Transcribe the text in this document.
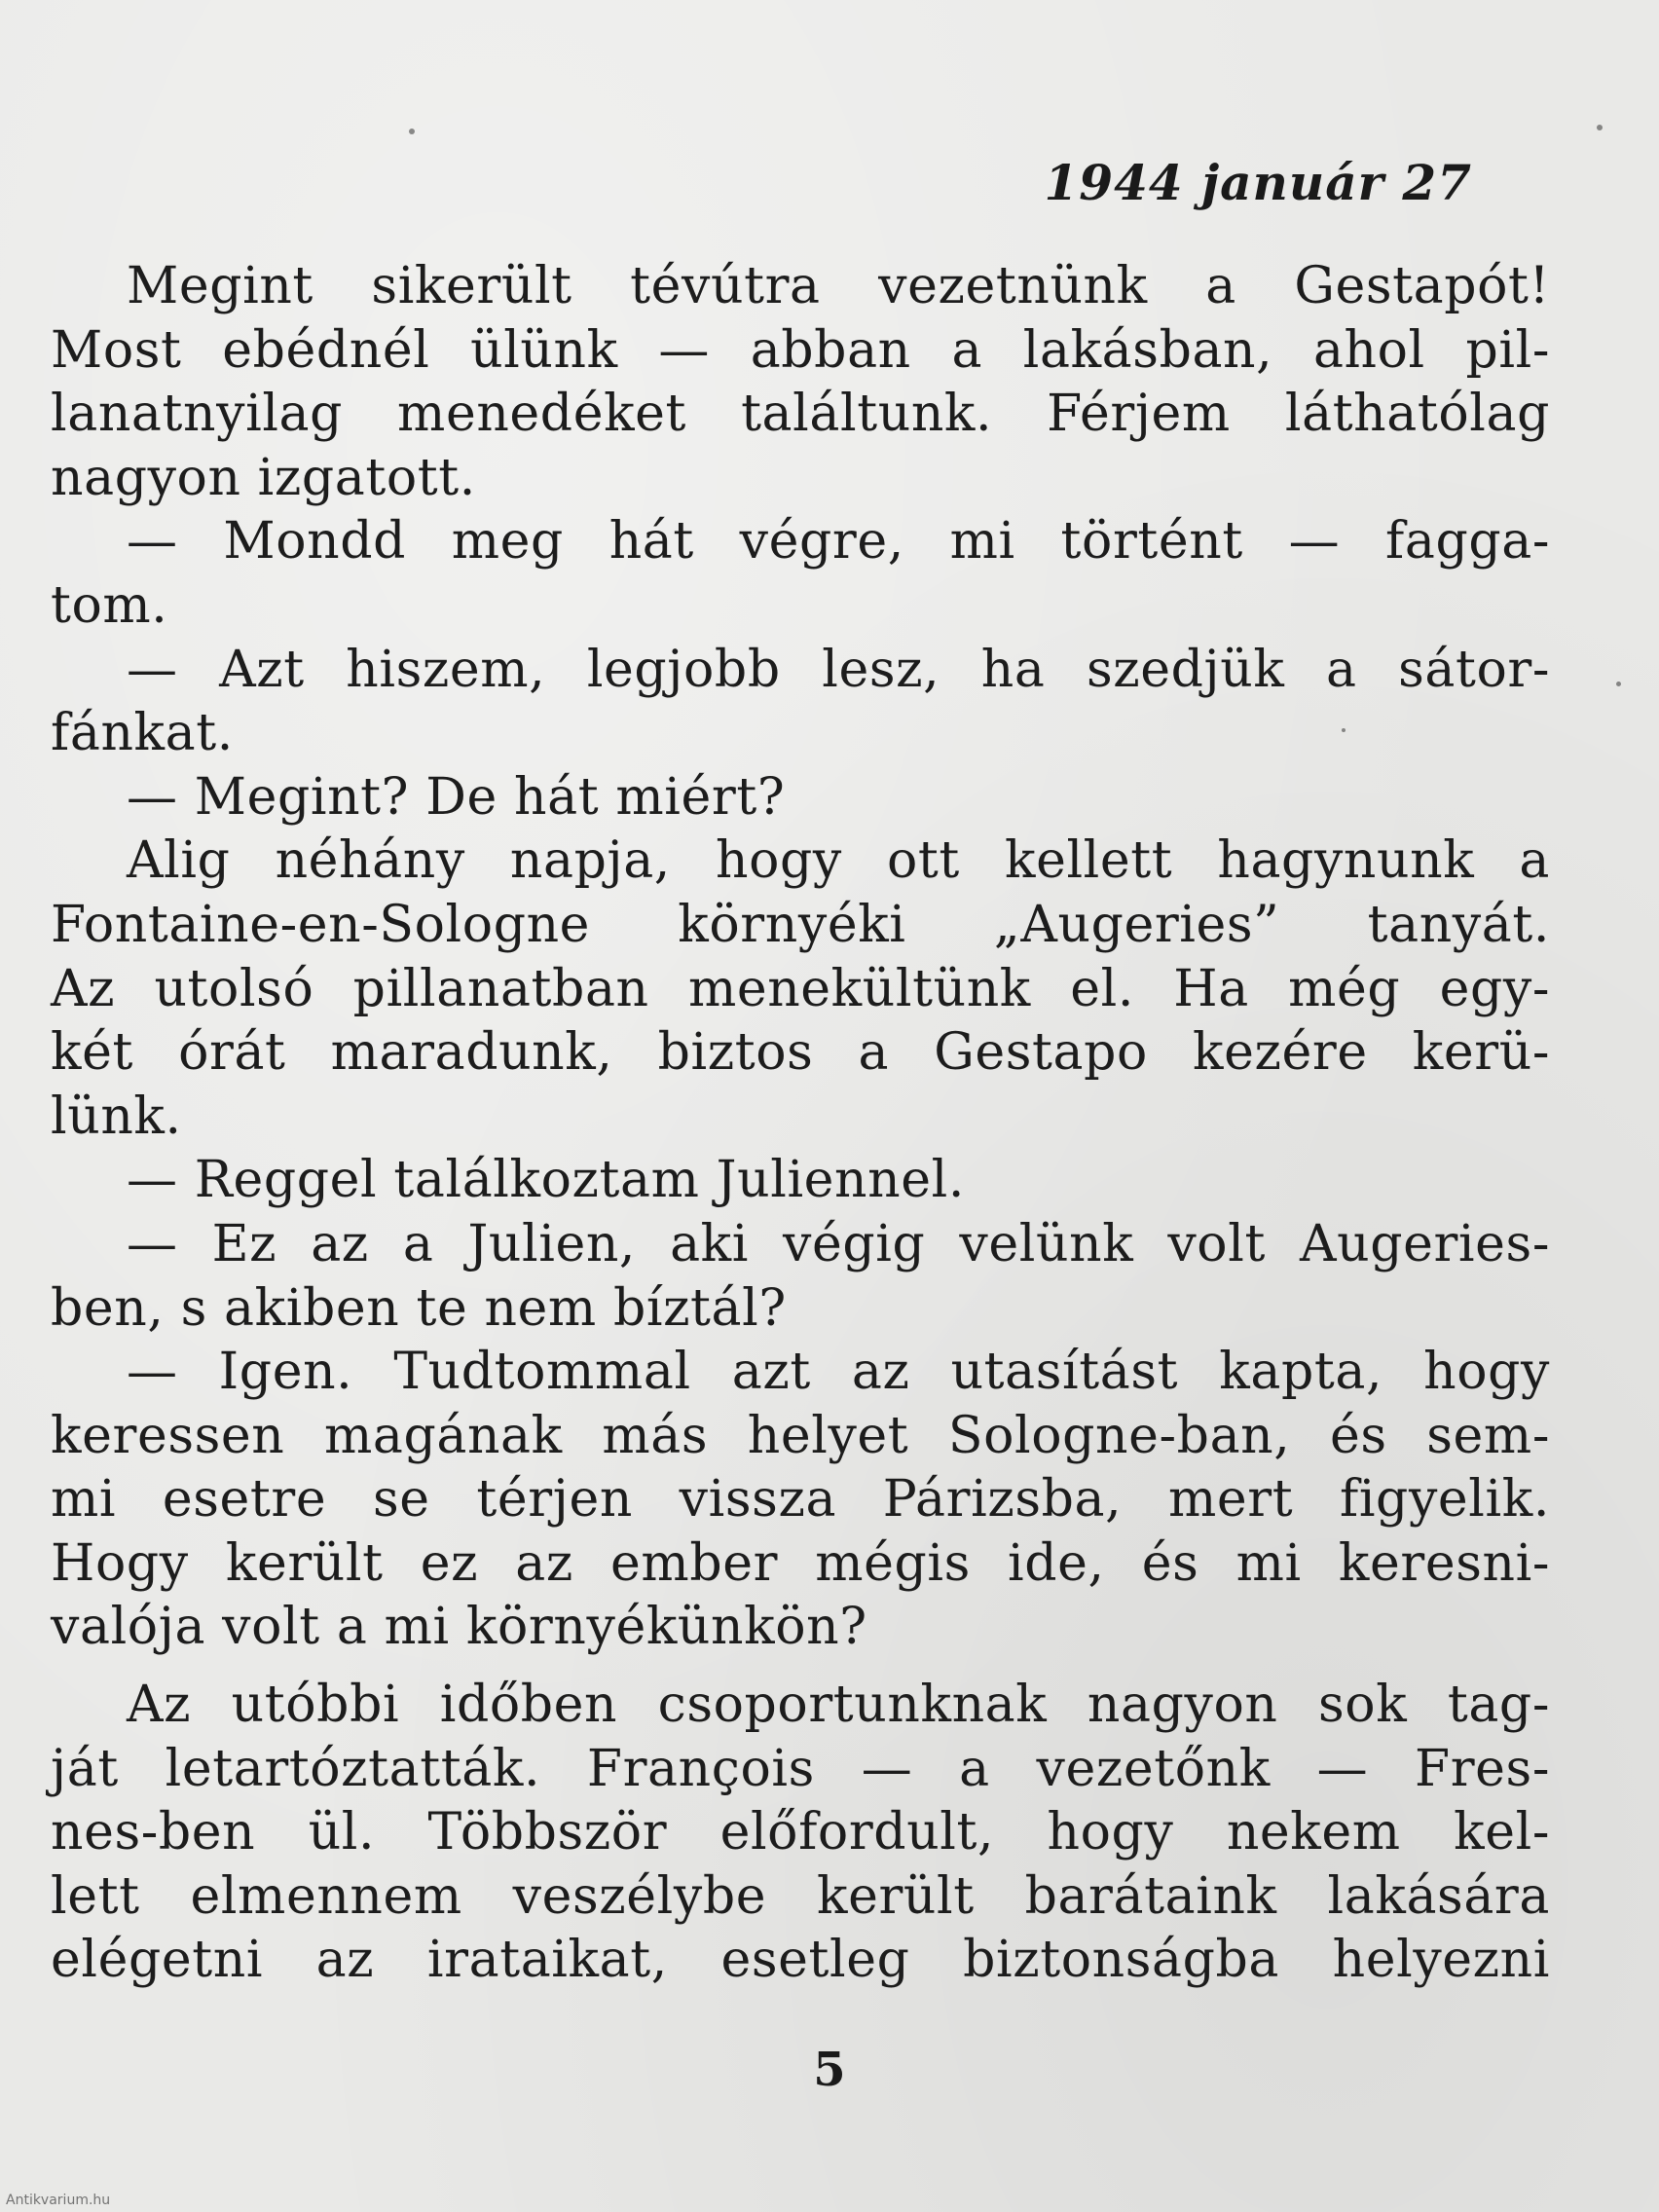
1944 január 27
Megint sikerült tévútra vezetnünk a Gestapót!
Most ebédnél ülünk — abban a lakásban, ahol pil-
lanatnyilag menedéket találtunk. Férjem láthatólag
nagyon izgatott.
— Mondd meg hát végre, mi történt — fagga-
tom.
— Azt hiszem, legjobb lesz, ha szedjük a sátor-
fánkat.
— Megint? De hát miért?
Alig néhány napja, hogy ott kellett hagynunk a
Fontaine-en-Sologne környéki „Augeries” tanyát.
Az utolsó pillanatban menekültünk el. Ha még egy-
két órát maradunk, biztos a Gestapo kezére kerü-
lünk.
— Reggel találkoztam Juliennel.
— Ez az a Julien, aki végig velünk volt Augeries-
ben, s akiben te nem bíztál?
— Igen. Tudtommal azt az utasítást kapta, hogy
keressen magának más helyet Sologne-ban, és sem-
mi esetre se térjen vissza Párizsba, mert figyelik.
Hogy került ez az ember mégis ide, és mi keresni-
valója volt a mi környékünkön?
Az utóbbi időben csoportunknak nagyon sok tag-
ját letartóztatták. François — a vezetőnk — Fres-
nes-ben ül. Többször előfordult, hogy nekem kel-
lett elmennem veszélybe került barátaink lakására
elégetni az irataikat, esetleg biztonságba helyezni
5
Antikvarium.hu
